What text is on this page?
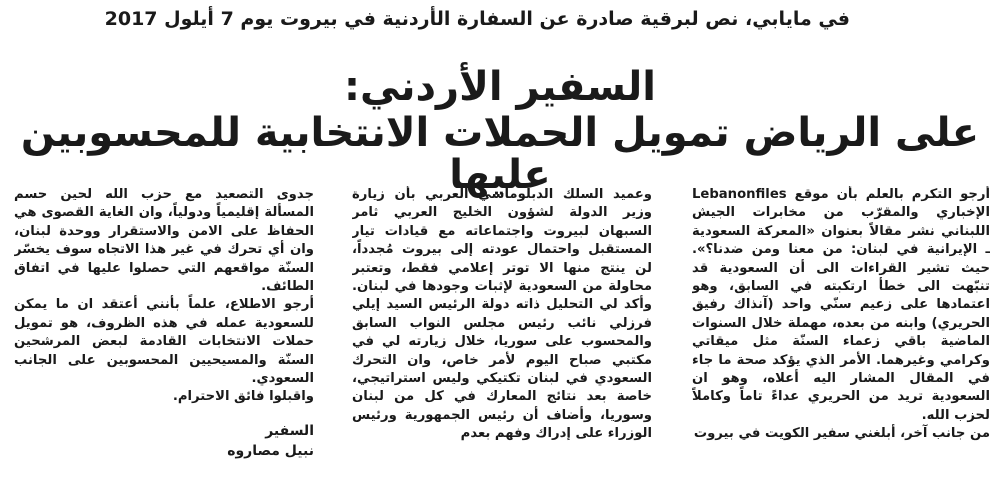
في مايابي، نص لبرقية صادرة عن السفارة الأردنية في بيروت يوم 7 أيلول 2017
السفير الأردني:
على الرياض تمويل الحملات الانتخابية للمحسوبين عليها	أرجو التكرم بالعلم بأن موقع Lebanonfiles الإخباري والمقرّب من مخابرات الجيش اللبناني نشر مقالاً بعنوان «المعركة السعودية ـ الإيرانية في لبنان: من معنا ومن ضدنا؟». حيث تشير القراءات الى أن السعودية قد تنبّهت الى خطأ ارتكبته في السابق، وهو اعتمادها على زعيم سنّي واحد (آنذاك رفيق الحريري) وابنه من بعده، مهملة خلال السنوات الماضية باقي زعماء السنّة مثل ميقاتي وكرامي وغيرهما. الأمر الذي يؤكد صحة ما جاء في المقال المشار اليه أعلاه، وهو ان السعودية تريد من الحريري عداءً تاماً وكاملاً لحزب الله.

من جانب آخر، أبلغني سفير الكويت في بيروت

وعميد السلك الدبلوماسي العربي بأن زيارة وزير الدولة لشؤون الخليج العربي ثامر السبهان لبيروت واجتماعاته مع قيادات تيار المستقبل واحتمال عودته إلى بيروت مُجدداً، لن ينتج منها الا توتر إعلامي فقط، وتعتبر محاولة من السعودية لإثبات وجودها في لبنان. وأكد لي التحليل ذاته دولة الرئيس السيد إيلي فرزلي نائب رئيس مجلس النواب السابق والمحسوب على سوريا، خلال زيارته لي في مكتبي صباح اليوم لأمر خاص، وان التحرك السعودي في لبنان تكتيكي وليس استراتيجي، خاصة بعد نتائج المعارك في كل من لبنان وسوريا، وأضاف أن رئيس الجمهورية ورئيس الوزراء على إدراك وفهم بعدم

جدوى التصعيد مع حزب الله لحين حسم المسألة إقليمياً ودولياً، وان الغاية القصوى هي الحفاظ على الامن والاستقرار ووحدة لبنان، وان أي تحرك في غير هذا الاتجاه سوف يخسّر السنّة مواقعهم التي حصلوا عليها في اتفاق الطائف.

أرجو الاطلاع، علماً بأنني أعتقد ان ما يمكن للسعودية عمله في هذه الظروف، هو تمويل حملات الانتخابات القادمة لبعض المرشحين السنّة والمسيحيين المحسوبين على الجانب السعودي.

واقبلوا فائق الاحترام.

السفير
نبيل مصاروه
